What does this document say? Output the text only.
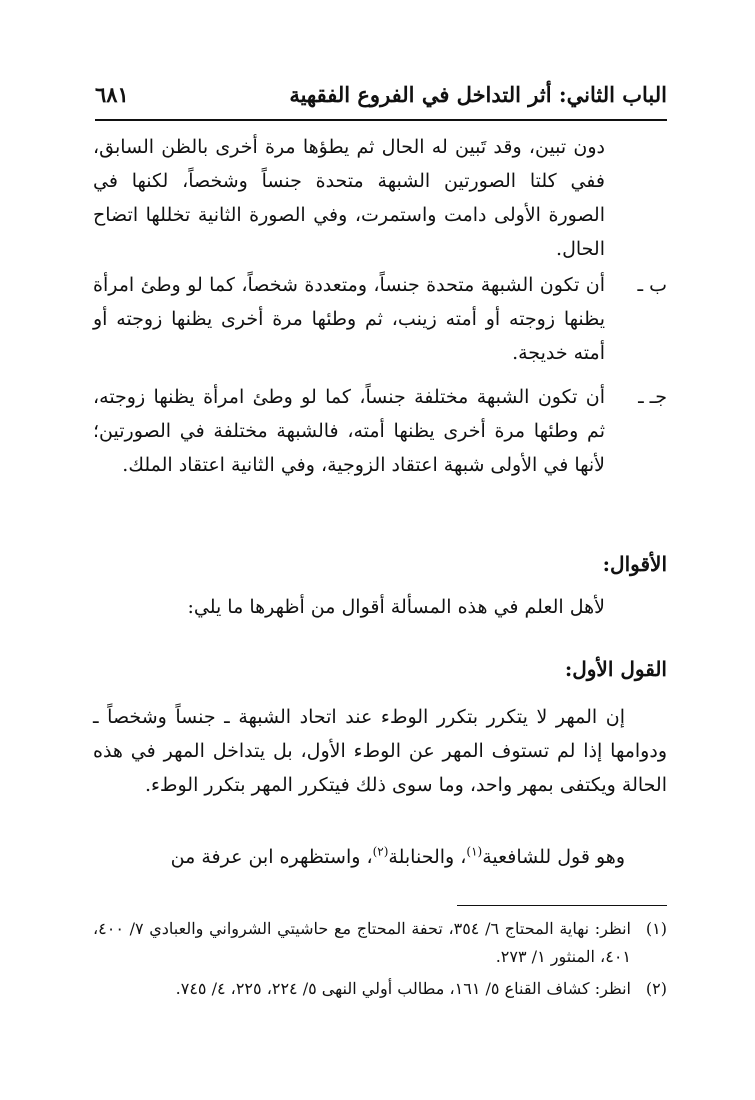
الباب الثاني: أثر التداخل في الفروع الفقهية
٦٨١

دون تبين، وقد تَبين له الحال ثم يطؤها مرة أخرى بالظن السابق، ففي كلتا الصورتين الشبهة متحدة جنساً وشخصاً، لكنها في الصورة الأولى دامت واستمرت، وفي الصورة الثانية تخللها اتضاح الحال.

ب ـ

أن تكون الشبهة متحدة جنساً، ومتعددة شخصاً، كما لو وطئ امرأة يظنها زوجته أو أمته زينب، ثم وطئها مرة أخرى يظنها زوجته أو أمته خديجة.

جـ ـ

أن تكون الشبهة مختلفة جنساً، كما لو وطئ امرأة يظنها زوجته، ثم وطئها مرة أخرى يظنها أمته، فالشبهة مختلفة في الصورتين؛ لأنها في الأولى شبهة اعتقاد الزوجية، وفي الثانية اعتقاد الملك.

الأقوال:

لأهل العلم في هذه المسألة أقوال من أظهرها ما يلي:

القول الأول:

إن المهر لا يتكرر بتكرر الوطء عند اتحاد الشبهة ـ جنساً وشخصاً ـ ودوامها إذا لم تستوف المهر عن الوطء الأول، بل يتداخل المهر في هذه الحالة ويكتفى بمهر واحد، وما سوى ذلك فيتكرر المهر بتكرر الوطء.

وهو قول للشافعية$^{(١)}$، والحنابلة$^{(٢)}$، واستظهره ابن عرفة من

(١)
انظر: نهاية المحتاج ٦/ ٣٥٤، تحفة المحتاج مع حاشيتي الشرواني والعبادي ٧/ ٤٠٠، ٤٠١، المنثور ١/ ٢٧٣.
(٢)
انظر: كشاف القناع ٥/ ١٦١، مطالب أولي النهى ٥/ ٢٢٤، ٢٢٥، ٤/ ٧٤٥.
